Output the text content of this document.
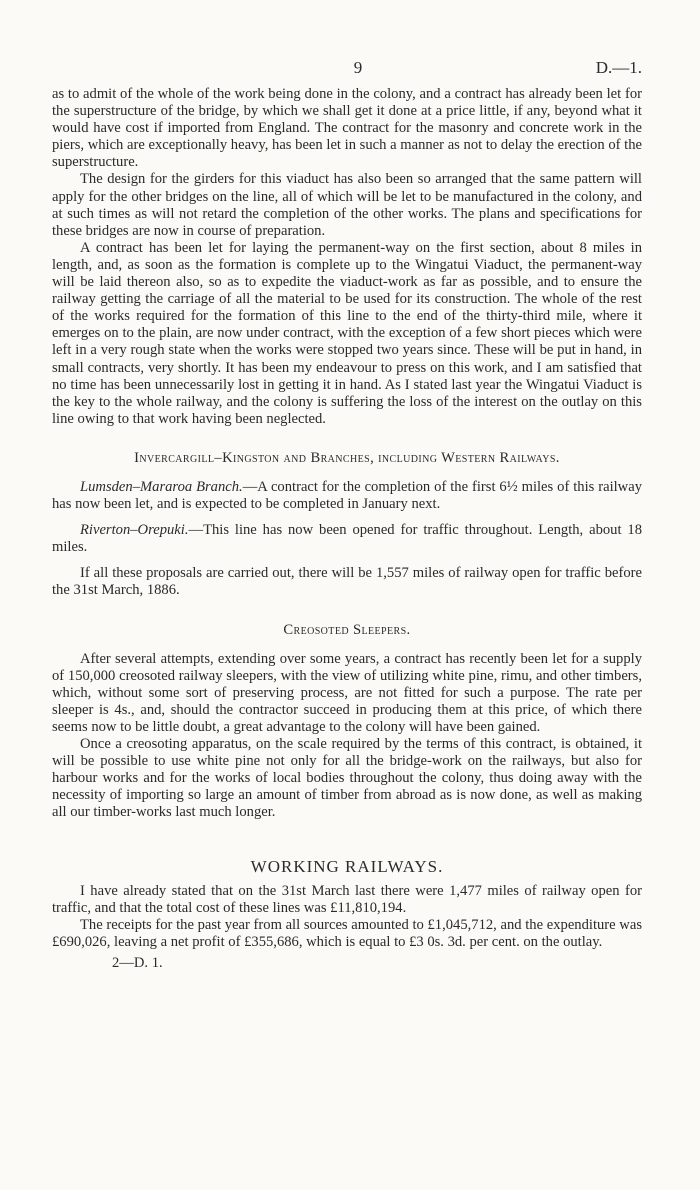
9	D.—1.

as to admit of the whole of the work being done in the colony, and a contract has already been let for the superstructure of the bridge, by which we shall get it done at a price little, if any, beyond what it would have cost if imported from England. The contract for the masonry and concrete work in the piers, which are exceptionally heavy, has been let in such a manner as not to delay the erection of the superstructure.

The design for the girders for this viaduct has also been so arranged that the same pattern will apply for the other bridges on the line, all of which will be let to be manufactured in the colony, and at such times as will not retard the completion of the other works. The plans and specifications for these bridges are now in course of preparation.

A contract has been let for laying the permanent-way on the first section, about 8 miles in length, and, as soon as the formation is complete up to the Wingatui Viaduct, the permanent-way will be laid thereon also, so as to expedite the viaduct-work as far as possible, and to ensure the railway getting the carriage of all the material to be used for its construction. The whole of the rest of the works required for the formation of this line to the end of the thirty-third mile, where it emerges on to the plain, are now under contract, with the exception of a few short pieces which were left in a very rough state when the works were stopped two years since. These will be put in hand, in small contracts, very shortly. It has been my endeavour to press on this work, and I am satisfied that no time has been unnecessarily lost in getting it in hand. As I stated last year the Wingatui Viaduct is the key to the whole railway, and the colony is suffering the loss of the interest on the outlay on this line owing to that work having been neglected.

Invercargill–Kingston and Branches, including Western Railways.

Lumsden–Mararoa Branch.—A contract for the completion of the first 6½ miles of this railway has now been let, and is expected to be completed in January next.

Riverton–Orepuki.—This line has now been opened for traffic throughout. Length, about 18 miles.

If all these proposals are carried out, there will be 1,557 miles of railway open for traffic before the 31st March, 1886.

Creosoted Sleepers.

After several attempts, extending over some years, a contract has recently been let for a supply of 150,000 creosoted railway sleepers, with the view of utilizing white pine, rimu, and other timbers, which, without some sort of preserving process, are not fitted for such a purpose. The rate per sleeper is 4s., and, should the contractor succeed in producing them at this price, of which there seems now to be little doubt, a great advantage to the colony will have been gained.

Once a creosoting apparatus, on the scale required by the terms of this contract, is obtained, it will be possible to use white pine not only for all the bridge-work on the railways, but also for harbour works and for the works of local bodies throughout the colony, thus doing away with the necessity of importing so large an amount of timber from abroad as is now done, as well as making all our timber-works last much longer.

WORKING RAILWAYS.

I have already stated that on the 31st March last there were 1,477 miles of railway open for traffic, and that the total cost of these lines was £11,810,194.

The receipts for the past year from all sources amounted to £1,045,712, and the expenditure was £690,026, leaving a net profit of £355,686, which is equal to £3 0s. 3d. per cent. on the outlay.

2—D. 1.
